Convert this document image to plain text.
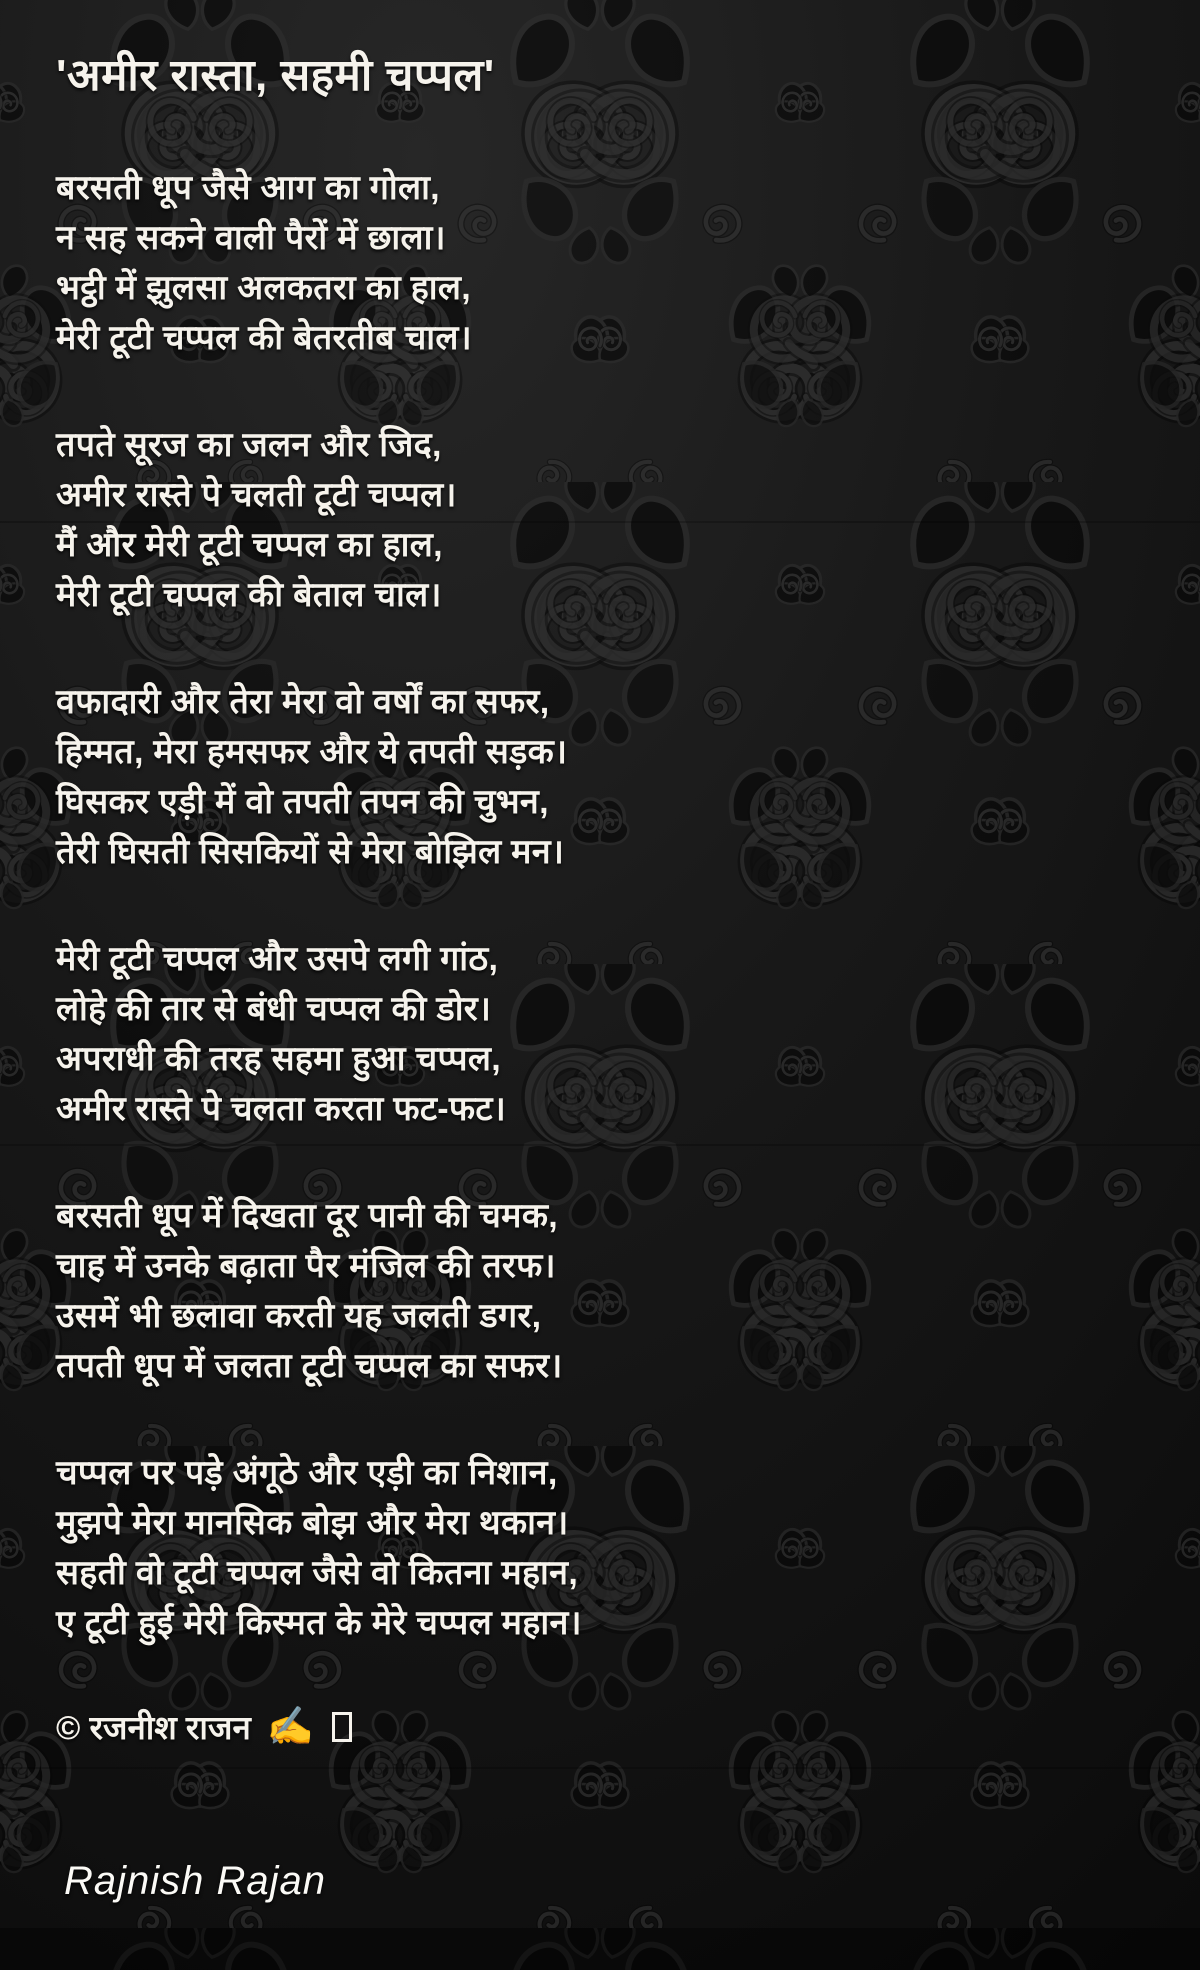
'अमीर रास्ता, सहमी चप्पल'

बरसती धूप जैसे आग का गोला,

न सह सकने वाली पैरों में छाला।

भट्ठी में झुलसा अलकतरा का हाल,

मेरी टूटी चप्पल की बेतरतीब चाल।

तपते सूरज का जलन और जिद,

अमीर रास्ते पे चलती टूटी चप्पल।

मैं और मेरी टूटी चप्पल का हाल,

मेरी टूटी चप्पल की बेताल चाल।

वफादारी और तेरा मेरा वो वर्षों का सफर,

हिम्मत, मेरा हमसफर और ये तपती सड़क।

घिसकर एड़ी में वो तपती तपन की चुभन,

तेरी घिसती सिसकियों से मेरा बोझिल मन।

मेरी टूटी चप्पल और उसपे लगी गांठ,

लोहे की तार से बंधी चप्पल की डोर।

अपराधी की तरह सहमा हुआ चप्पल,

अमीर रास्ते पे चलता करता फट-फट।

बरसती धूप में दिखता दूर पानी की चमक,

चाह में उनके बढ़ाता पैर मंजिल की तरफ।

उसमें भी छलावा करती यह जलती डगर,

तपती धूप में जलता टूटी चप्पल का सफर।

चप्पल पर पड़े अंगूठे और एड़ी का निशान,

मुझपे मेरा मानसिक बोझ और मेरा थकान।

सहती वो टूटी चप्पल जैसे वो कितना महान,

ए टूटी हुई मेरी किस्मत के मेरे चप्पल महान।

© रजनीश राजन ✍
Rajnish Rajan
